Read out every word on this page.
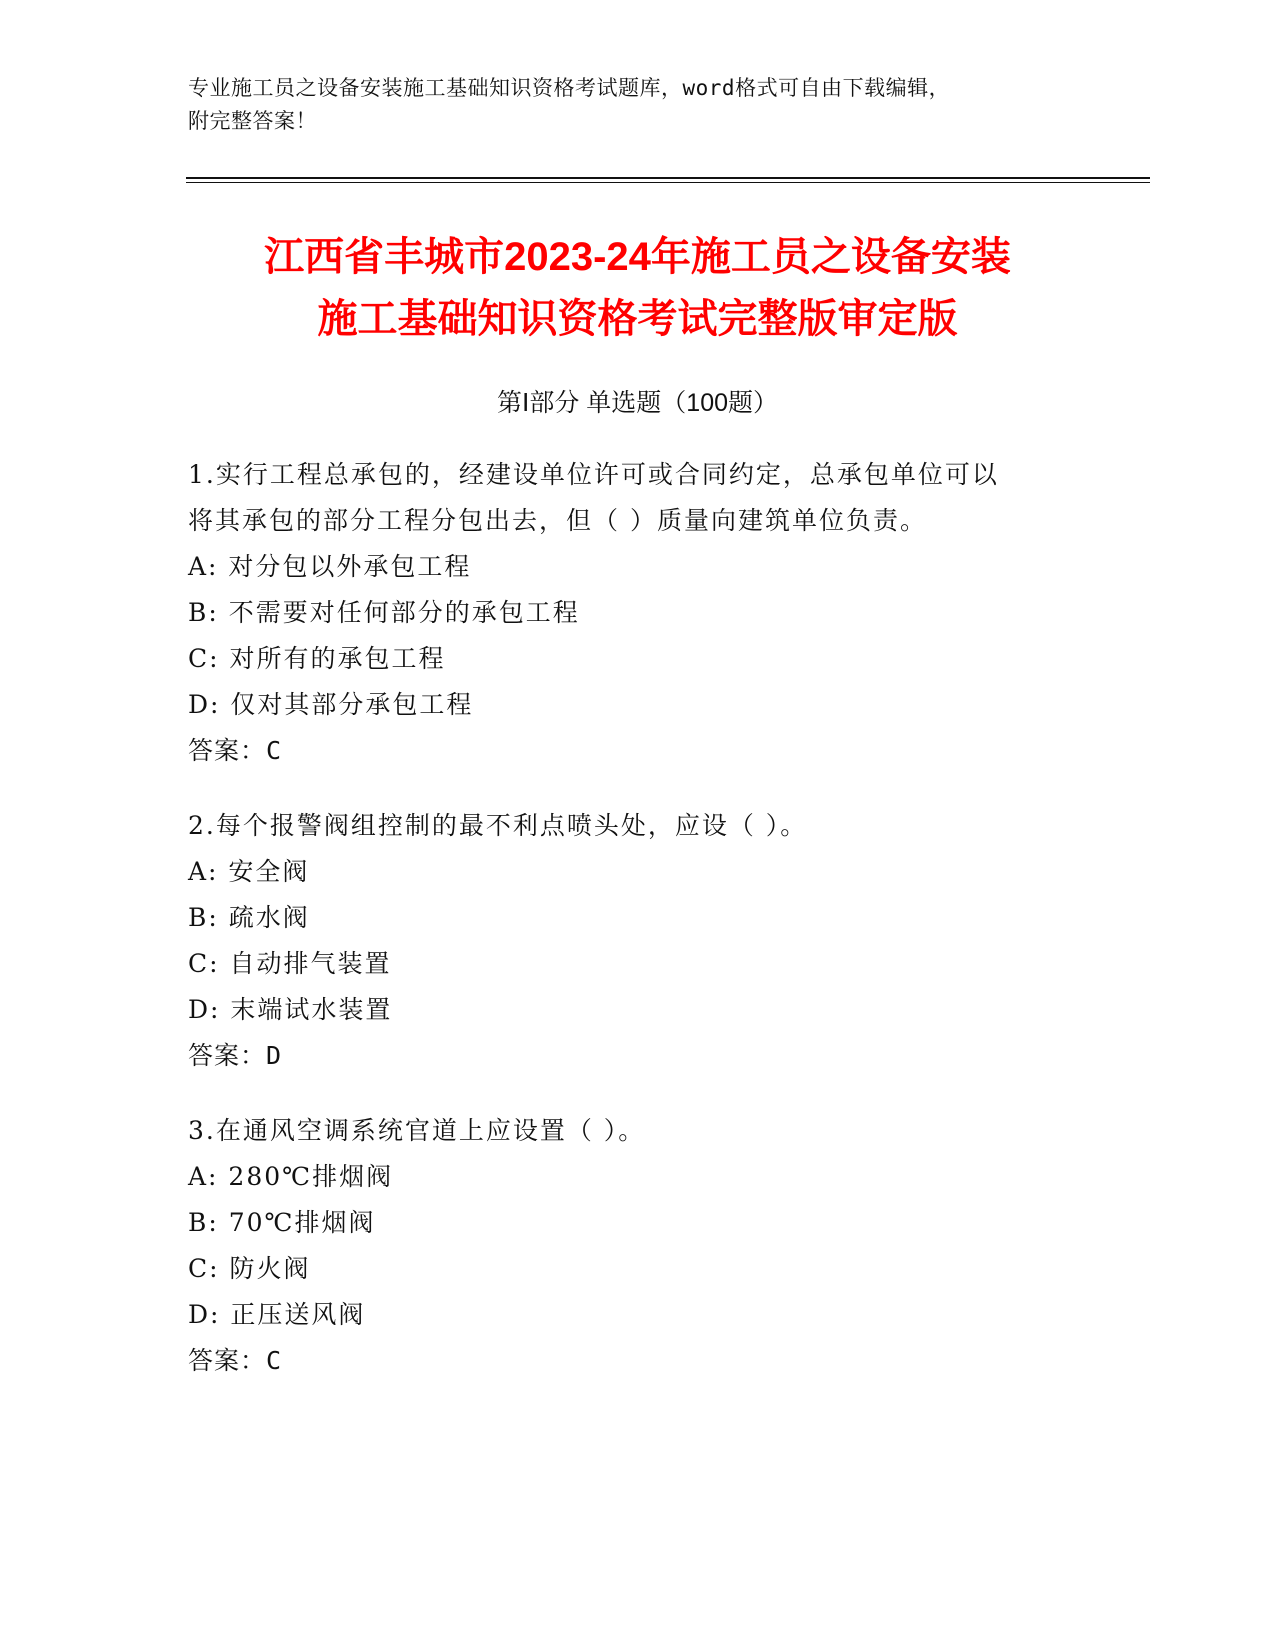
专业施工员之设备安装施工基础知识资格考试题库，word格式可自由下载编辑，
附完整答案！
江西省丰城市2023-24年施工员之设备安装
施工基础知识资格考试完整版审定版
第Ⅰ部分 单选题（100题）

1.实行工程总承包的，经建设单位许可或合同约定，总承包单位可以

将其承包的部分工程分包出去，但（ ）质量向建筑单位负责。

A: 对分包以外承包工程

B: 不需要对任何部分的承包工程

C: 对所有的承包工程

D: 仅对其部分承包工程

答案：C

2.每个报警阀组控制的最不利点喷头处，应设（ ）。

A: 安全阀

B: 疏水阀

C: 自动排气装置

D: 末端试水装置

答案：D

3.在通风空调系统官道上应设置（ ）。

A: 280℃排烟阀

B: 70℃排烟阀

C: 防火阀

D: 正压送风阀

答案：C
